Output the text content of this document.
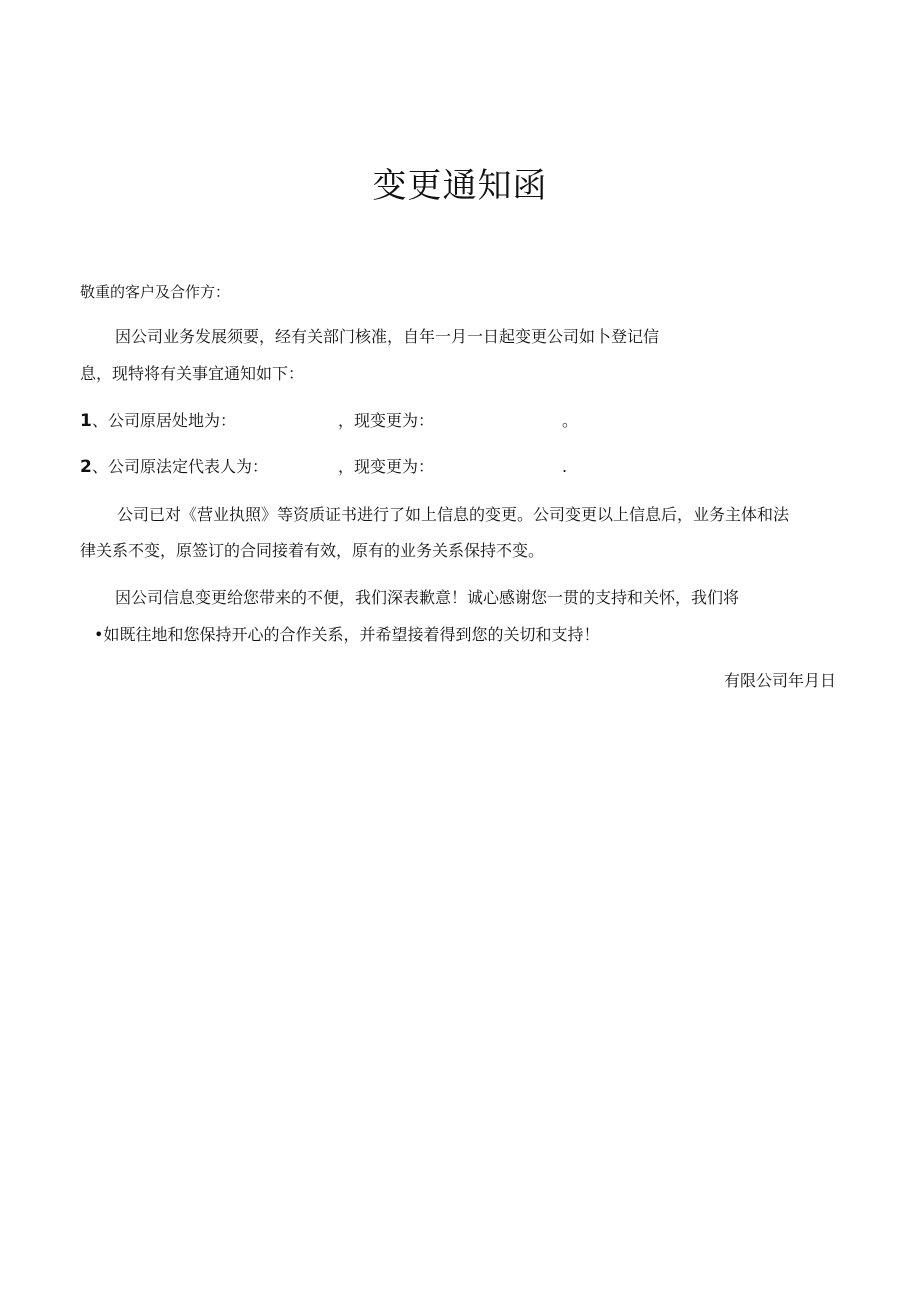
变更通知函
敬重的客户及合作方：
因公司业务发展须要，经有关部门核准，自年一月一日起变更公司如卜登记信
息，现特将有关事宜通知如下：
1 、公司原居处地为：	，现变更为：	。
2 、公司原法定代表人为：	，现变更为：	.
公司已对《营业执照》等资质证书进行了如上信息的变更。公司变更以上信息后，业务主体和法
律关系不变，原签订的合同接着有效，原有的业务关系保持不变。
因公司信息变更给您带来的不便，我们深表歉意！诚心感谢您一贯的支持和关怀，我们将
•如既往地和您保持开心的合作关系，并希望接着得到您的关切和支持！
有限公司年月日
